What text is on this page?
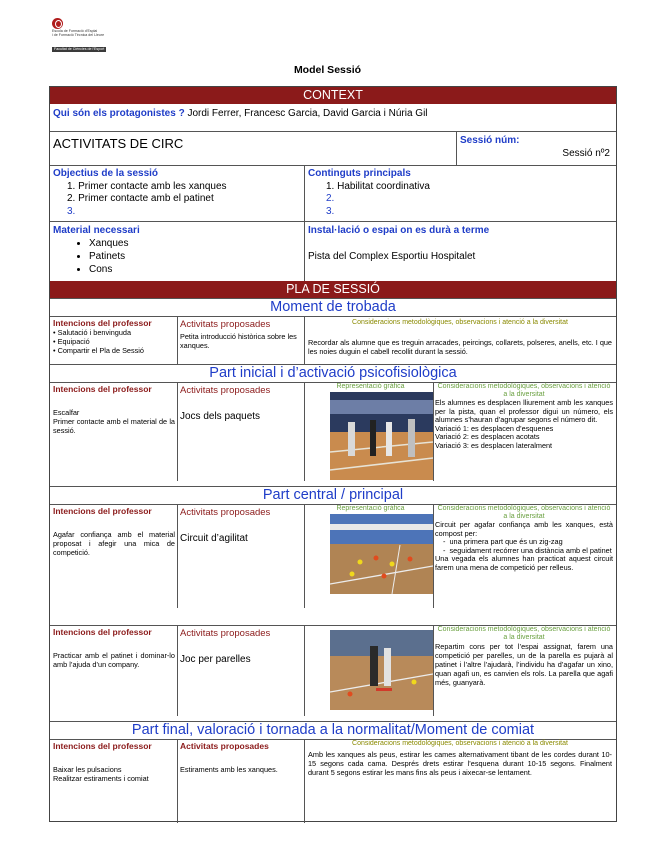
Escola de Formació d'Esplai
i de Formació Tècnica del Lleure
Facultat de Ciències de l'Esport
Model Sessió
CONTEXT
Qui són els protagonistes ? Jordi Ferrer, Francesc Garcia, David Garcia i Núria Gil
ACTIVITATS DE CIRC	Sessió núm:
Sessió nº2
Objectius de la sessió
1. Primer contacte amb les xanques
2. Primer contacte amb el patinet
3.
Continguts principals
1. Habilitat coordinativa
2.
3.
Material necessari
• Xanques
• Patinets
• Cons
Instal·lació o espai on es durà a terme
Pista del Complex Esportiu Hospitalet
PLA DE SESSIÓ
Moment de trobada
Intencions del professor
• Salutació i benvinguda
• Equipació
• Compartir el Pla de Sessió
Activitats proposades
Petita introducció històrica sobre les xanques.
Consideracions metodològiques, observacions i atenció a la diversitat
Recordar als alumne que es treguin arracades, peircings, collarets, polseres, anells, etc. I que les noies duguin el cabell recollit durant la sessió.
Part inicial i d’activació psicofisiològica
Intencions del professor
Escalfar
Primer contacte amb el material de la sessió.
Activitats proposades
Jocs dels paquets
Representació gràfica	Consideracions metodològiques, observacions i atenció a la diversitat
Els alumnes es desplacen lliurement amb les xanques per la pista, quan el professor digui un número, els alumnes s’hauran d’agrupar segons el número dit.
Variació 1: es desplacen d’esquenes
Variació 2: es desplacen acotats
Variació 3: es desplacen lateralment
Part central / principal
Intencions del professor
Agafar confiança amb el material proposat i afegir una mica de competició.
Activitats proposades
Circuit d’agilitat
Representació gràfica	Consideracions metodològiques, observacions i atenció a la diversitat
Circuit per agafar confiança amb les xanques, està compost per:
-  una primera part que és un zig-zag
-  seguidament recórrer una distància amb el patinet
Una vegada els alumnes han practicat aquest circuit farem una mena de competició per relleus.
Intencions del professor
Practicar amb el patinet i dominar-lo amb l’ajuda d’un company.
Activitats proposades
Joc per parelles
Consideracions metodològiques, observacions i atenció a la diversitat
Repartim cons per tot l’espai assignat, farem una competició per parelles, un de la parella es pujarà al patinet i l’altre l’ajudarà, l’individu ha d’agafar un xino, quan agafi un, es canvien els rols. La parella que agafi més, guanyarà.
Part final, valoració i tornada a la normalitat/Moment de comiat
Intencions del professor
Baixar les pulsacions
Realitzar estiraments i comiat
Activitats proposades
Estiraments amb les xanques.
Consideracions metodològiques, observacions i atenció a la diversitat
Amb les xanques als peus, estirar les cames alternativament tibant de les cordes durant 10-15 segons cada cama. Després drets estirar l’esquena durant 10-15 segons. Finalment durant 5 segons estirar les mans fins als peus i aixecar-se lentament.
